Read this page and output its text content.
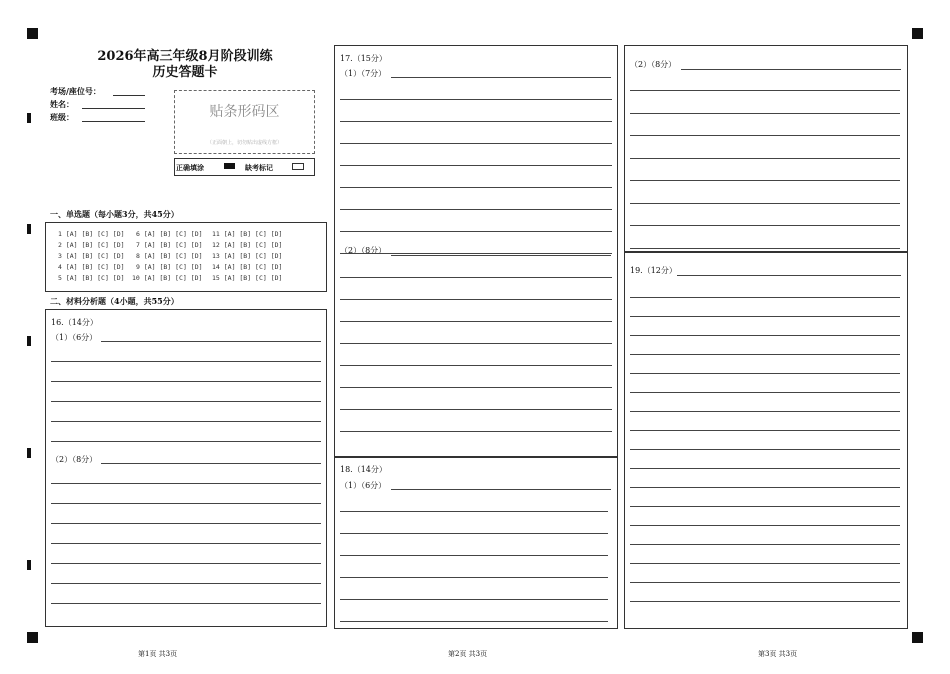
2026年高三年级8月阶段训练
历史答题卡
考场/座位号：
姓名：
班级：	贴条形码区
（正面朝上，切勿贴出虚线方框）
正确填涂	缺考标记
一、单选题（每小题3分，共45分）
1 [A] [B] [C] [D]
2 [A] [B] [C] [D]
3 [A] [B] [C] [D]
4 [A] [B] [C] [D]
5 [A] [B] [C] [D]
6 [A] [B] [C] [D]
7 [A] [B] [C] [D]
8 [A] [B] [C] [D]
9 [A] [B] [C] [D]
10 [A] [B] [C] [D]
11 [A] [B] [C] [D]
12 [A] [B] [C] [D]
13 [A] [B] [C] [D]
14 [A] [B] [C] [D]
15 [A] [B] [C] [D]
二、材料分析题（4小题，共55分）
16.（14分）
（1）（6分）
（2）（8分）
17.（15分）
（1）（7分）
（2）（8分）
18.（14分）
（1）（6分）
（2）（8分）
19.（12分）
第1页 共3页	第2页 共3页	第3页 共3页
